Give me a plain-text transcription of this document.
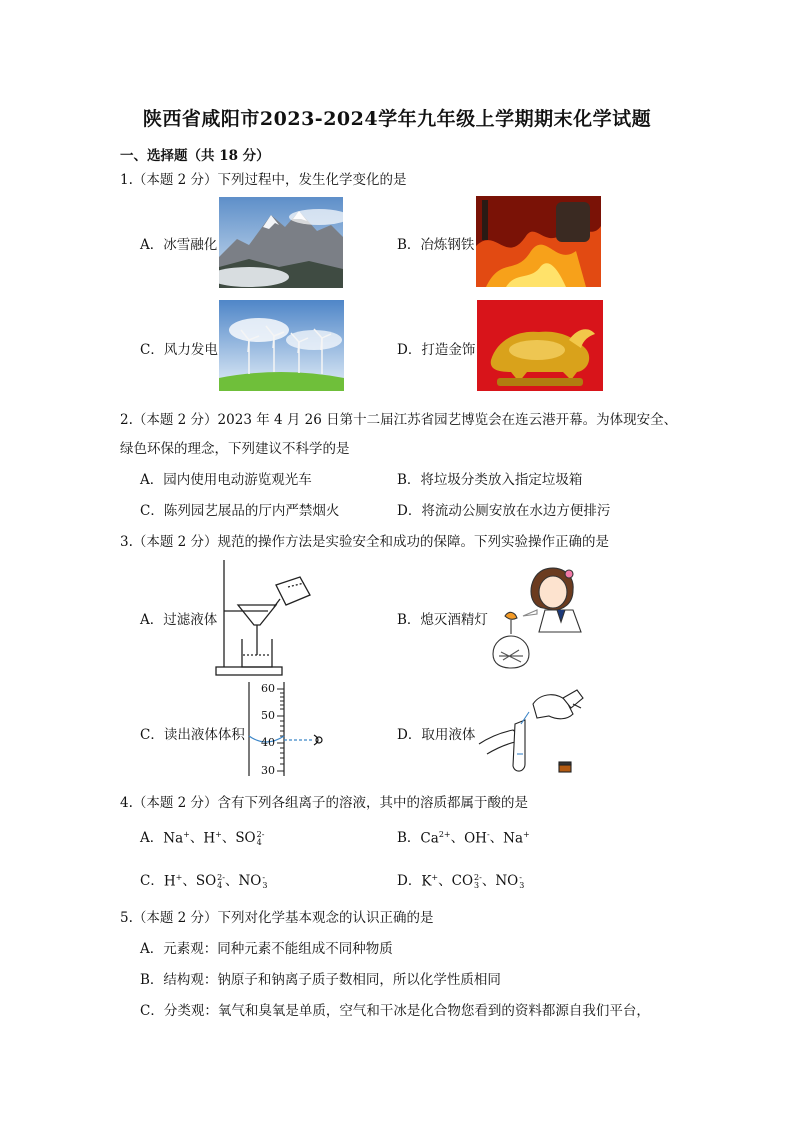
陕西省咸阳市2023-2024学年九年级上学期期末化学试题
一、选择题（共 18 分）
1.（本题 2 分）下列过程中，发生化学变化的是
A．冰雪融化	B．冶炼钢铁
C．风力发电	D．打造金饰
2.（本题 2 分）2023 年 4 月 26 日第十二届江苏省园艺博览会在连云港开幕。为体现安全、
绿色环保的理念，下列建议不科学的是
A．园内使用电动游览观光车	B．将垃圾分类放入指定垃圾箱
C．陈列园艺展品的厅内严禁烟火	D．将流动公厕安放在水边方便排污
3.（本题 2 分）规范的操作方法是实验安全和成功的保障。下列实验操作正确的是
A．过滤液体	B．熄灭酒精灯
C．读出液体体积
60
50
40
30
D．取用液体
4.（本题 2 分）含有下列各组离子的溶液，其中的溶质都属于酸的是
A．Na+、H+、SO 2-
4	B．$Ca^{2+}$、OH-、Na+
C．H+、SO 2-
4 、NO -
3	D．K+、CO 2-
3 、NO -
3
5.（本题 2 分）下列对化学基本观念的认识正确的是
A．元素观：同种元素不能组成不同种物质
B．结构观：钠原子和钠离子质子数相同，所以化学性质相同
C．分类观：氧气和臭氧是单质，空气和干冰是化合物您看到的资料都源自我们平台，
